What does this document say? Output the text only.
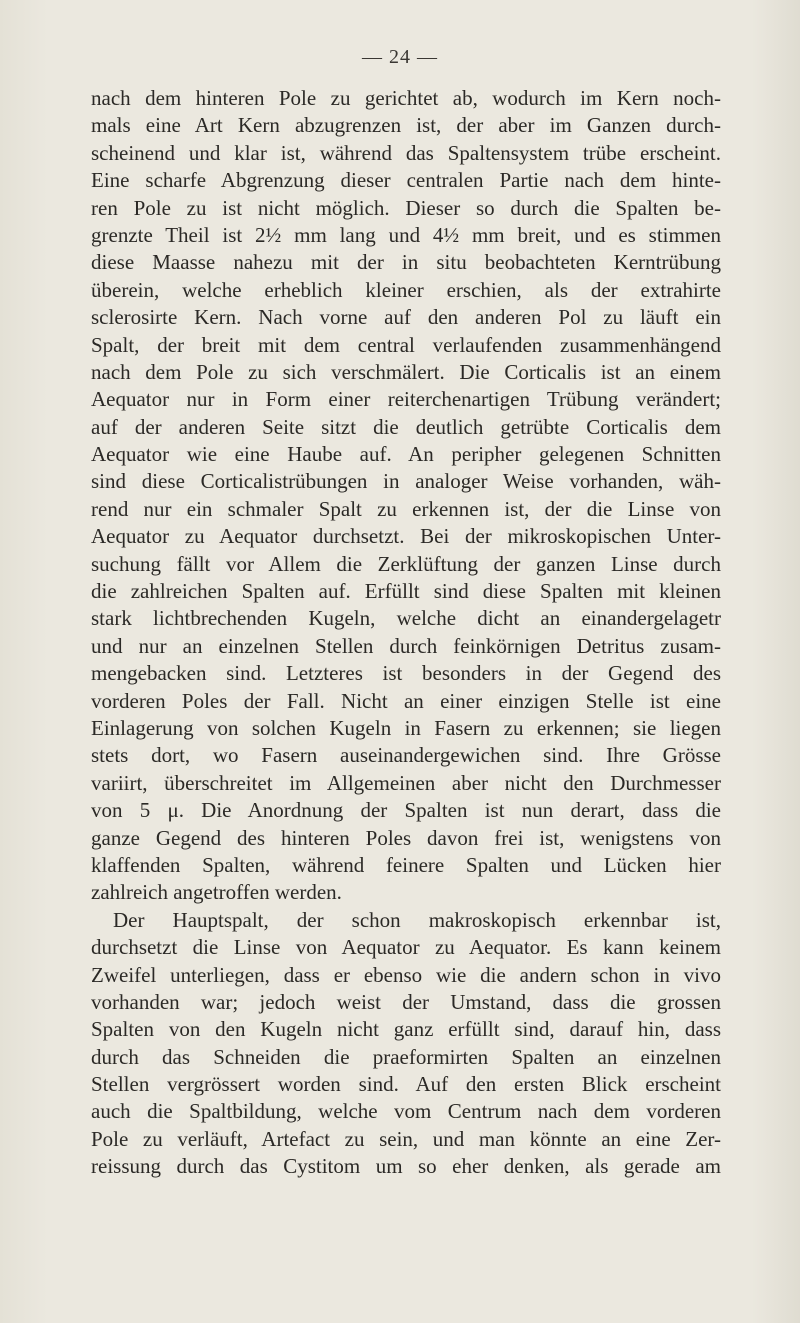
— 24 —
nach dem hinteren Pole zu gerichtet ab, wodurch im Kern noch-
mals eine Art Kern abzugrenzen ist, der aber im Ganzen durch-
scheinend und klar ist, während das Spaltensystem trübe erscheint.
Eine scharfe Abgrenzung dieser centralen Partie nach dem hinte-
ren Pole zu ist nicht möglich. Dieser so durch die Spalten be-
grenzte Theil ist 2½ mm lang und 4½ mm breit, und es stimmen
diese Maasse nahezu mit der in situ beobachteten Kerntrübung
überein, welche erheblich kleiner erschien, als der extrahirte
sclerosirte Kern. Nach vorne auf den anderen Pol zu läuft ein
Spalt, der breit mit dem central verlaufenden zusammenhängend
nach dem Pole zu sich verschmälert. Die Corticalis ist an einem
Aequator nur in Form einer reiterchenartigen Trübung verändert;
auf der anderen Seite sitzt die deutlich getrübte Corticalis dem
Aequator wie eine Haube auf. An peripher gelegenen Schnitten
sind diese Corticalistrübungen in analoger Weise vorhanden, wäh-
rend nur ein schmaler Spalt zu erkennen ist, der die Linse von
Aequator zu Aequator durchsetzt. Bei der mikroskopischen Unter-
suchung fällt vor Allem die Zerklüftung der ganzen Linse durch
die zahlreichen Spalten auf. Erfüllt sind diese Spalten mit kleinen
stark lichtbrechenden Kugeln, welche dicht an einandergelagetr
und nur an einzelnen Stellen durch feinkörnigen Detritus zusam-
mengebacken sind. Letzteres ist besonders in der Gegend des
vorderen Poles der Fall. Nicht an einer einzigen Stelle ist eine
Einlagerung von solchen Kugeln in Fasern zu erkennen; sie liegen
stets dort, wo Fasern auseinandergewichen sind. Ihre Grösse
variirt, überschreitet im Allgemeinen aber nicht den Durchmesser
von 5 μ. Die Anordnung der Spalten ist nun derart, dass die
ganze Gegend des hinteren Poles davon frei ist, wenigstens von
klaffenden Spalten, während feinere Spalten und Lücken hier
zahlreich angetroffen werden.
Der Hauptspalt, der schon makroskopisch erkennbar ist,
durchsetzt die Linse von Aequator zu Aequator. Es kann keinem
Zweifel unterliegen, dass er ebenso wie die andern schon in vivo
vorhanden war; jedoch weist der Umstand, dass die grossen
Spalten von den Kugeln nicht ganz erfüllt sind, darauf hin, dass
durch das Schneiden die praeformirten Spalten an einzelnen
Stellen vergrössert worden sind. Auf den ersten Blick erscheint
auch die Spaltbildung, welche vom Centrum nach dem vorderen
Pole zu verläuft, Artefact zu sein, und man könnte an eine Zer-
reissung durch das Cystitom um so eher denken, als gerade am
